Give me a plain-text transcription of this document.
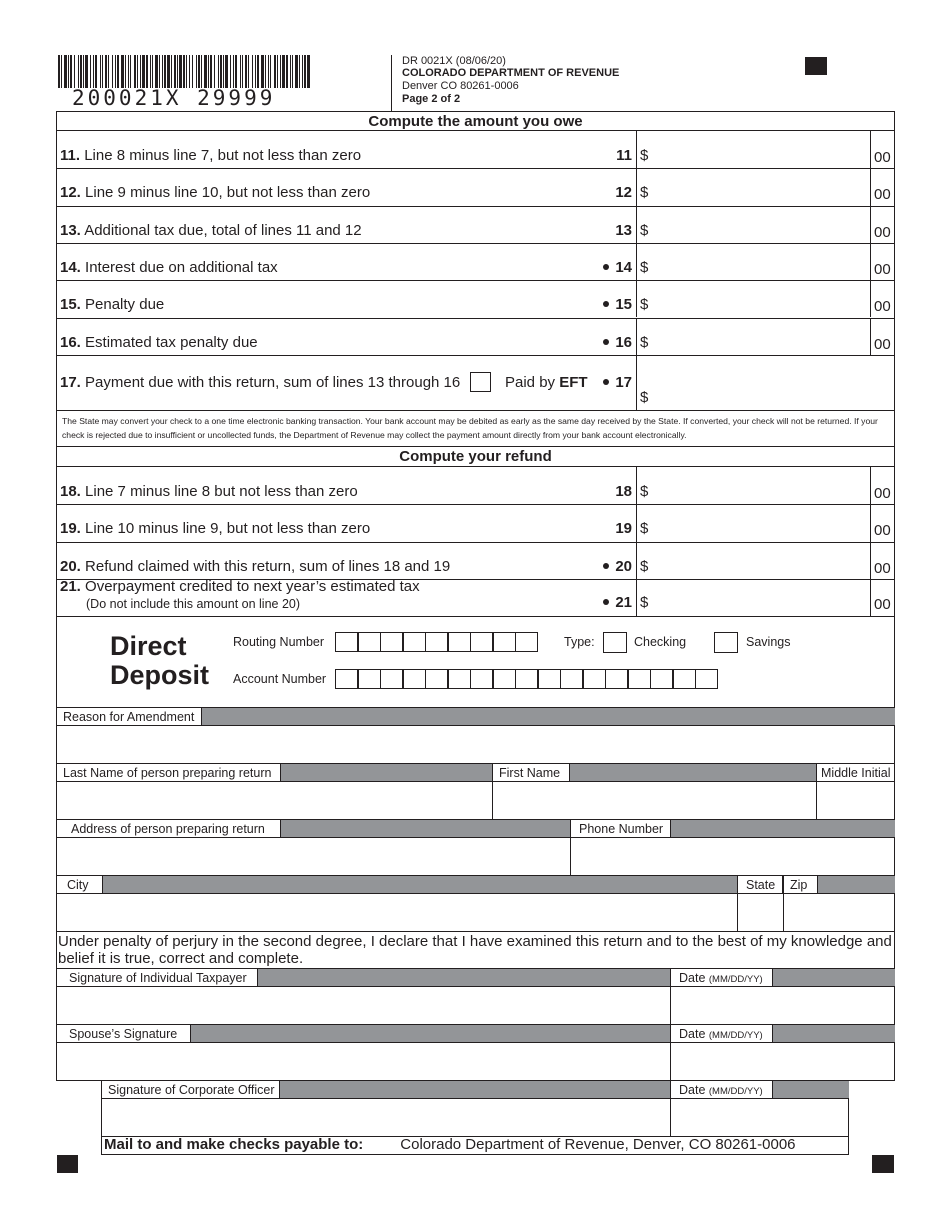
200021X 29999
DR 0021X (08/06/20)
COLORADO DEPARTMENT OF REVENUE
Denver CO 80261-0006
Page 2 of 2
Compute the amount you owe
11. Line 8 minus line 7, but not less than zero	11 $	00
12. Line 9 minus line 10, but not less than zero	12 $	00
13. Additional tax due, total of lines 11 and 12	13 $	00
14. Interest due on additional tax	14 $	00
15. Penalty due	15 $	00
16. Estimated tax penalty due	16 $	00
17. Payment due with this return, sum of lines 13 through 16	Paid by EFT	17
$
The State may convert your check to a one time electronic banking transaction. Your bank account may be debited as early as the same day received by the State. If converted, your check will not be returned. If your check is rejected due to insufficient or uncollected funds, the Department of Revenue may collect the payment amount directly from your bank account electronically.
Compute your refund
18. Line 7 minus line 8 but not less than zero	18 $	00
19. Line 10 minus line 9, but not less than zero	19 $	00
20. Refund claimed with this return, sum of lines 18 and 19	20 $	00
21. Overpayment credited to next year’s estimated tax
(Do not include this amount on line 20)	21 $	00
Direct
Deposit
Routing Number
Account Number
Type:	Checking	Savings
Reason for Amendment
Last Name of person preparing return	First Name	Middle Initial
Address of person preparing return	Phone Number
City	State	Zip
Under penalty of perjury in the second degree, I declare that I have examined this return and to the best of my knowledge and belief it is true, correct and complete.
Signature of Individual Taxpayer	Date (MM/DD/YY)
Spouse’s Signature	Date (MM/DD/YY)
Signature of Corporate Officer	Date (MM/DD/YY)
Mail to and make checks payable to: Colorado Department of Revenue, Denver, CO 80261-0006
